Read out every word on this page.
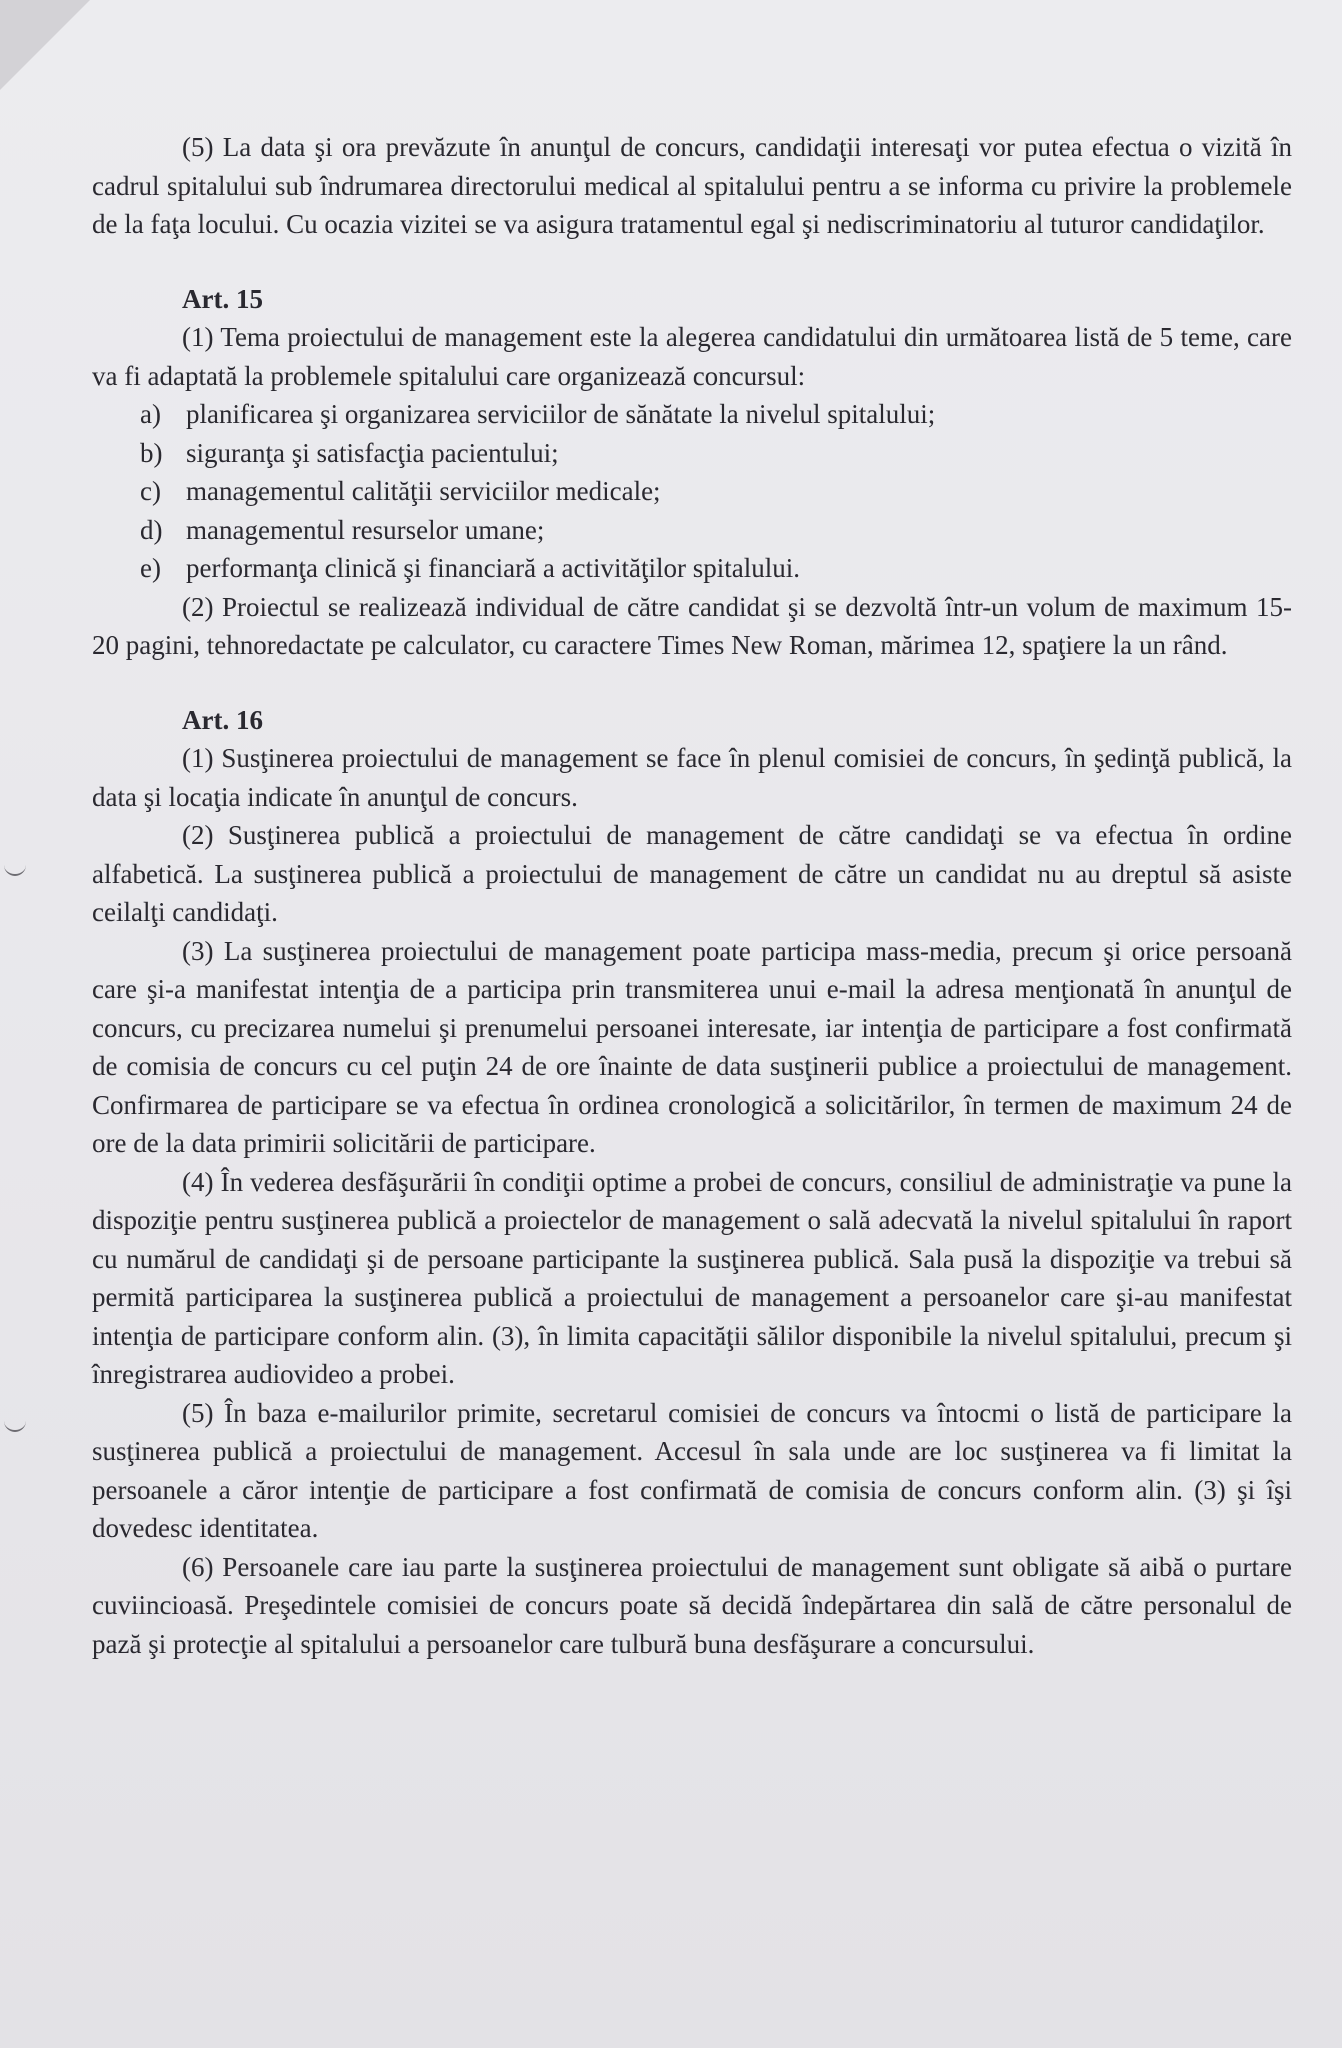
(5) La data şi ora prevăzute în anunţul de concurs, candidaţii interesaţi vor putea efectua o vizită în cadrul spitalului sub îndrumarea directorului medical al spitalului pentru a se informa cu privire la problemele de la faţa locului. Cu ocazia vizitei se va asigura tratamentul egal şi nediscriminatoriu al tuturor candidaţilor.

Art. 15

(1) Tema proiectului de management este la alegerea candidatului din următoarea listă de 5 teme, care va fi adaptată la problemele spitalului care organizează concursul:

a) planificarea şi organizarea serviciilor de sănătate la nivelul spitalului;
b) siguranţa şi satisfacţia pacientului;
c) managementul calităţii serviciilor medicale;
d) managementul resurselor umane;
e) performanţa clinică şi financiară a activităţilor spitalului.

(2) Proiectul se realizează individual de către candidat şi se dezvoltă într-un volum de maximum 15-20 pagini, tehnoredactate pe calculator, cu caractere Times New Roman, mărimea 12, spaţiere la un rând.

Art. 16

(1) Susţinerea proiectului de management se face în plenul comisiei de concurs, în şedinţă publică, la data şi locaţia indicate în anunţul de concurs.

(2) Susţinerea publică a proiectului de management de către candidaţi se va efectua în ordine alfabetică. La susţinerea publică a proiectului de management de către un candidat nu au dreptul să asiste ceilalţi candidaţi.

(3) La susţinerea proiectului de management poate participa mass-media, precum şi orice persoană care şi-a manifestat intenţia de a participa prin transmiterea unui e-mail la adresa menţionată în anunţul de concurs, cu precizarea numelui şi prenumelui persoanei interesate, iar intenţia de participare a fost confirmată de comisia de concurs cu cel puţin 24 de ore înainte de data susţinerii publice a proiectului de management. Confirmarea de participare se va efectua în ordinea cronologică a solicitărilor, în termen de maximum 24 de ore de la data primirii solicitării de participare.

(4) În vederea desfăşurării în condiţii optime a probei de concurs, consiliul de administraţie va pune la dispoziţie pentru susţinerea publică a proiectelor de management o sală adecvată la nivelul spitalului în raport cu numărul de candidaţi şi de persoane participante la susţinerea publică. Sala pusă la dispoziţie va trebui să permită participarea la susţinerea publică a proiectului de management a persoanelor care şi-au manifestat intenţia de participare conform alin. (3), în limita capacităţii sălilor disponibile la nivelul spitalului, precum şi înregistrarea audiovideo a probei.

(5) În baza e-mailurilor primite, secretarul comisiei de concurs va întocmi o listă de participare la susţinerea publică a proiectului de management. Accesul în sala unde are loc susţinerea va fi limitat la persoanele a căror intenţie de participare a fost confirmată de comisia de concurs conform alin. (3) şi îşi dovedesc identitatea.

(6) Persoanele care iau parte la susţinerea proiectului de management sunt obligate să aibă o purtare cuviincioasă. Preşedintele comisiei de concurs poate să decidă îndepărtarea din sală de către personalul de pază şi protecţie al spitalului a persoanelor care tulbură buna desfăşurare a concursului.
